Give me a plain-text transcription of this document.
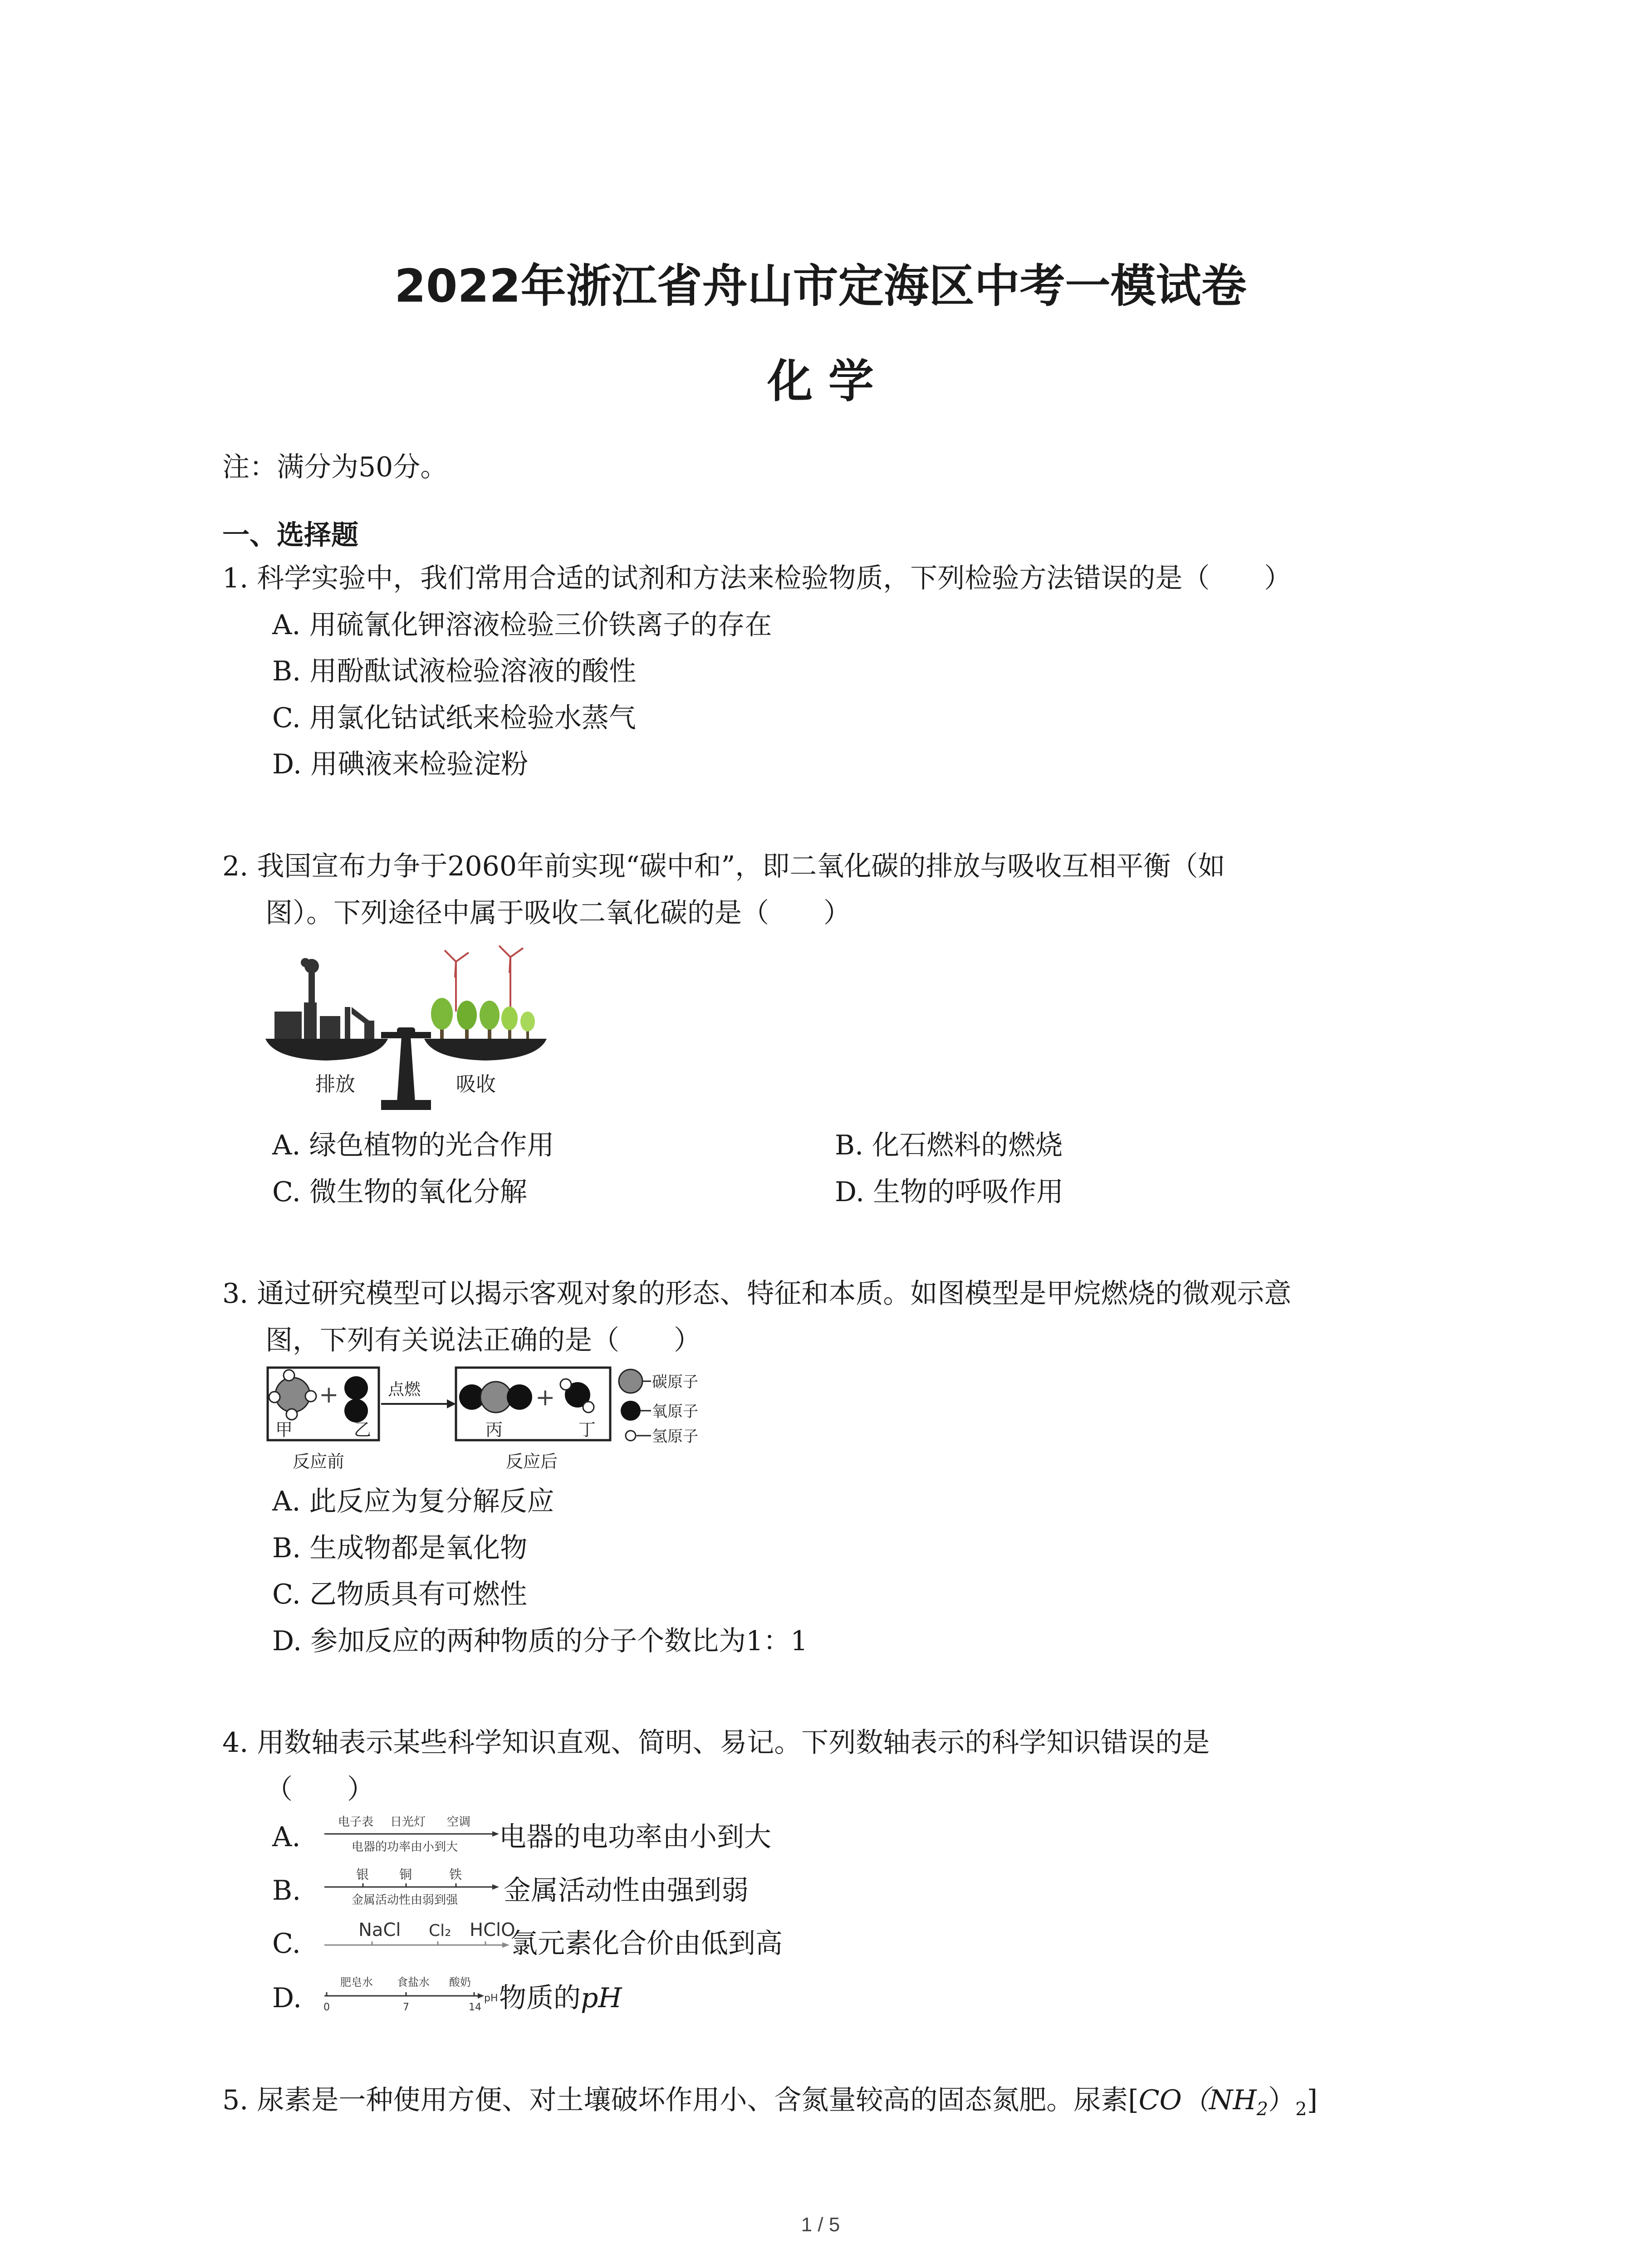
2022年浙江省舟山市定海区中考一模试卷
化 学
注：满分为50分。
一、选择题
1. 科学实验中，我们常用合适的试剂和方法来检验物质，下列检验方法错误的是（　　）
A. 用硫氰化钾溶液检验三价铁离子的存在
B. 用酚酞试液检验溶液的酸性
C. 用氯化钴试纸来检验水蒸气
D. 用碘液来检验淀粉
2. 我国宣布力争于2060年前实现“碳中和”，即二氧化碳的排放与吸收互相平衡（如
图）。下列途径中属于吸收二氧化碳的是（　　）
排放	吸收
A. 绿色植物的光合作用	B. 化石燃料的燃烧
C. 微生物的氧化分解	D. 生物的呼吸作用
3. 通过研究模型可以揭示客观对象的形态、特征和本质。如图模型是甲烷燃烧的微观示意
图，下列有关说法正确的是（　　）
+
甲	乙
反应前
点燃	+
丙	丁
反应后
碳原子
氧原子
氢原子
A. 此反应为复分解反应
B. 生成物都是氧化物
C. 乙物质具有可燃性
D. 参加反应的两种物质的分子个数比为1：1
4. 用数轴表示某些科学知识直观、简明、易记。下列数轴表示的科学知识错误的是
（　　）
A.	电子表 日光灯 空调
电器的功率由小到大 电器的电功率由小到大
B.
银 铜	铁
金属活动性由弱到强 金属活动性由强到弱
C.	NaCl Cl₂ HClO
氯元素化合价由低到高
D.	肥皂水 食盐水 酸奶
pH
0	7	14 物质的pH
5. 尿素是一种使用方便、对土壤破坏作用小、含氮量较高的固态氮肥。尿素$[CO(NH_2)_2]$
1 / 5
